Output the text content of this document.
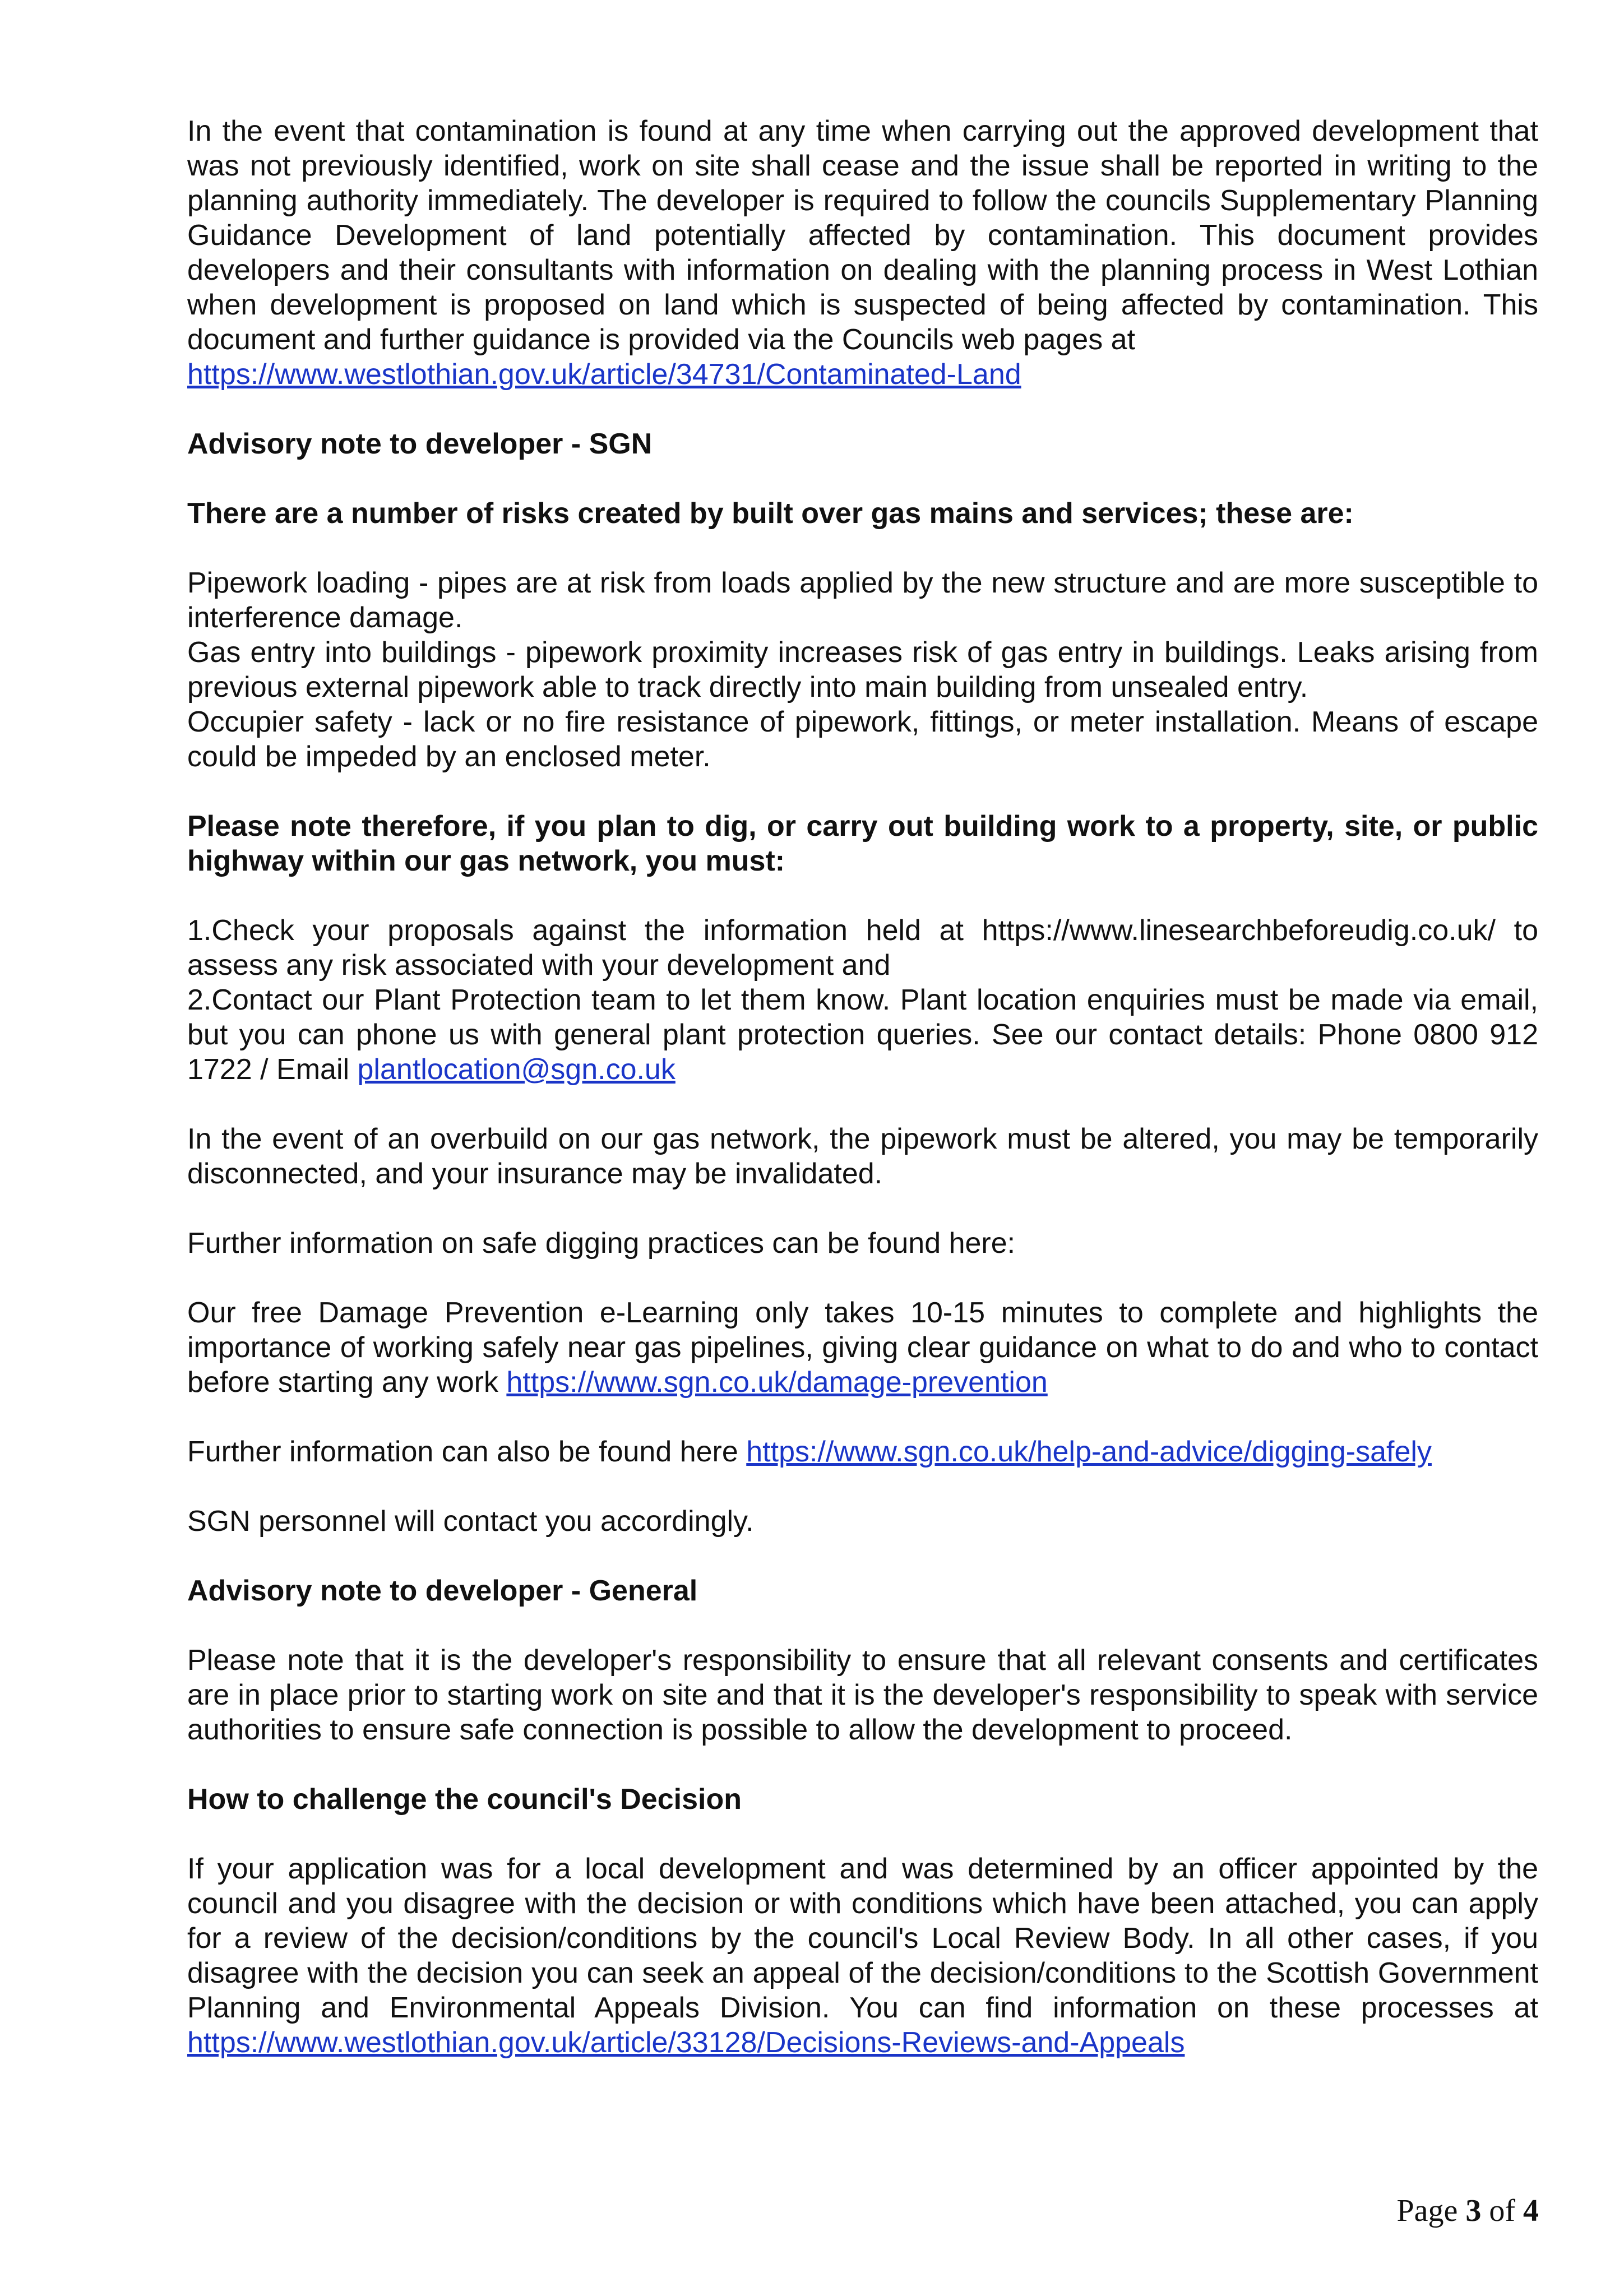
In the event that contamination is found at any time when carrying out the approved development that was not previously identified, work on site shall cease and the issue shall be reported in writing to the planning authority immediately. The developer is required to follow the councils Supplementary Planning Guidance Development of land potentially affected by contamination. This document provides developers and their consultants with information on dealing with the planning process in West Lothian when development is proposed on land which is suspected of being affected by contamination. This document and further guidance is provided via the Councils web pages at
https://www.westlothian.gov.uk/article/34731/Contaminated-Land

Advisory note to developer - SGN

There are a number of risks created by built over gas mains and services; these are:

Pipework loading - pipes are at risk from loads applied by the new structure and are more susceptible to interference damage.

Gas entry into buildings - pipework proximity increases risk of gas entry in buildings. Leaks arising from previous external pipework able to track directly into main building from unsealed entry.

Occupier safety - lack or no fire resistance of pipework, fittings, or meter installation. Means of escape could be impeded by an enclosed meter.

Please note therefore, if you plan to dig, or carry out building work to a property, site, or public highway within our gas network, you must:

1.Check your proposals against the information held at https://www.linesearchbeforeudig.co.uk/ to assess any risk associated with your development and

2.Contact our Plant Protection team to let them know. Plant location enquiries must be made via email, but you can phone us with general plant protection queries. See our contact details: Phone 0800 912 1722 / Email plantlocation@sgn.co.uk

In the event of an overbuild on our gas network, the pipework must be altered, you may be temporarily disconnected, and your insurance may be invalidated.

Further information on safe digging practices can be found here:

Our free Damage Prevention e-Learning only takes 10-15 minutes to complete and highlights the importance of working safely near gas pipelines, giving clear guidance on what to do and who to contact before starting any work https://www.sgn.co.uk/damage-prevention

Further information can also be found here https://www.sgn.co.uk/help-and-advice/digging-safely

SGN personnel will contact you accordingly.

Advisory note to developer - General

Please note that it is the developer's responsibility to ensure that all relevant consents and certificates are in place prior to starting work on site and that it is the developer's responsibility to speak with service authorities to ensure safe connection is possible to allow the development to proceed.

How to challenge the council's Decision

If your application was for a local development and was determined by an officer appointed by the council and you disagree with the decision or with conditions which have been attached, you can apply for a review of the decision/conditions by the council's Local Review Body. In all other cases, if you disagree with the decision you can seek an appeal of the decision/conditions to the Scottish Government Planning and Environmental Appeals Division. You can find information on these processes at https://www.westlothian.gov.uk/article/33128/Decisions-Reviews-and-Appeals

Page 3 of 4
